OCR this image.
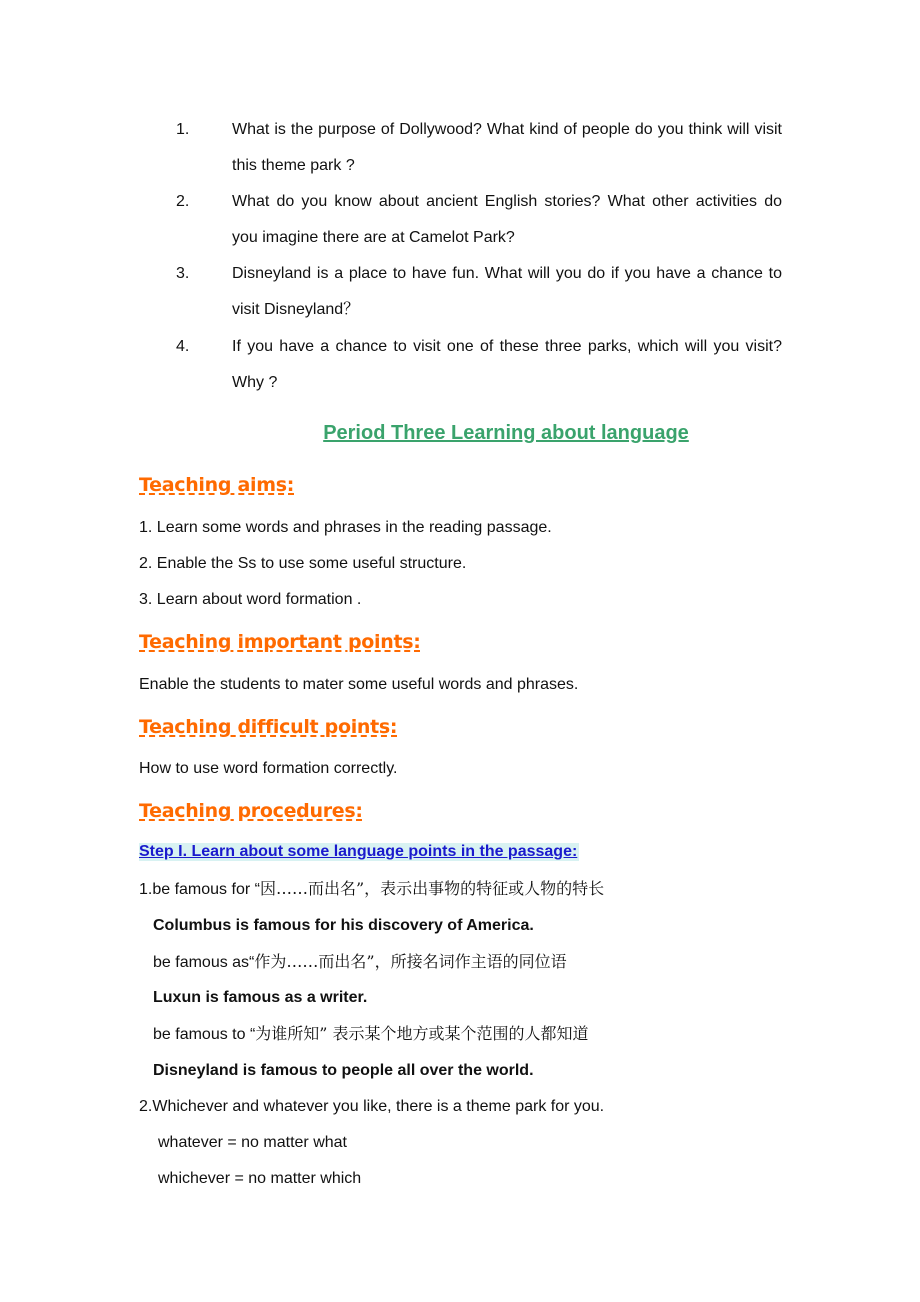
1.	What is the purpose of Dollywood? What kind of people do you think will visit this theme park ?
2.	What do you know about ancient English stories? What other activities do you imagine there are at Camelot Park?
3.	Disneyland is a place to have fun. What will you do if you have a chance to visit Disneyland？
4.	If you have a chance to visit one of these three parks, which will you visit? Why ?
Period Three Learning about language
Teaching aims:
1. Learn some words and phrases in the reading passage.
2. Enable the Ss to use some useful structure.
3. Learn about word formation .
Teaching important points:
Enable the students to mater some useful words and phrases.
Teaching difficult points:
How to use word formation correctly.
Teaching procedures:
Step I. Learn about some language points in the passage:
1.be famous for “因……而出名”，表示出事物的特征或人物的特长
Columbus is famous for his discovery of America.
be famous as“作为……而出名”，所接名词作主语的同位语
Luxun is famous as a writer.
be famous to “为谁所知” 表示某个地方或某个范围的人都知道
Disneyland is famous to people all over the world.
2.Whichever and whatever you like, there is a theme park for you.
whatever = no matter what
whichever = no matter which
